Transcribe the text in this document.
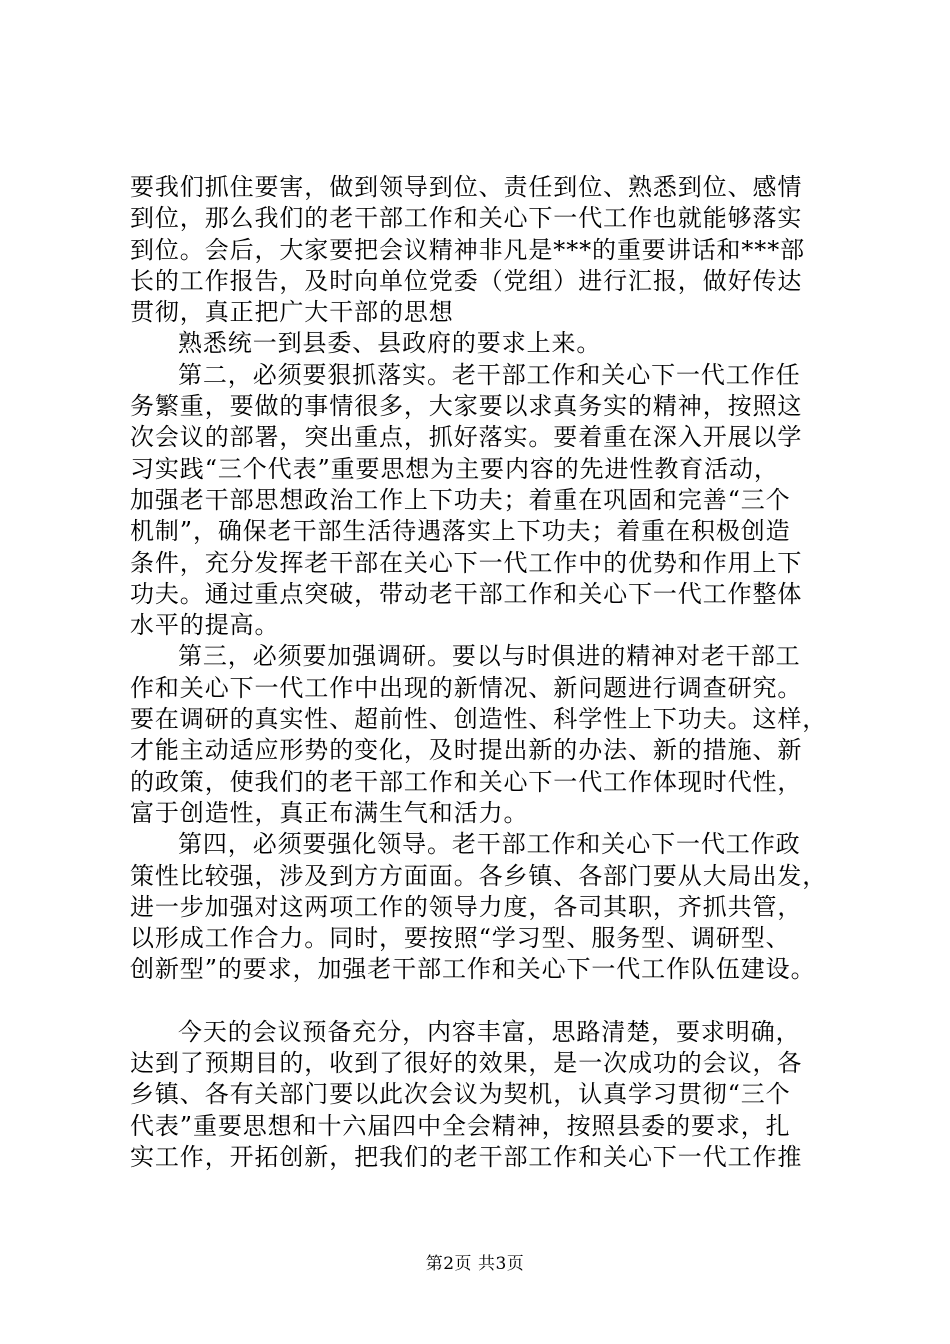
要我们抓住要害，做到领导到位、责任到位、熟悉到位、感情
到位，那么我们的老干部工作和关心下一代工作也就能够落实
到位。会后，大家要把会议精神非凡是***的重要讲话和***部
长的工作报告，及时向单位党委（党组）进行汇报，做好传达
贯彻，真正把广大干部的思想
熟悉统一到县委、县政府的要求上来。
第二，必须要狠抓落实。老干部工作和关心下一代工作任
务繁重，要做的事情很多，大家要以求真务实的精神，按照这
次会议的部署，突出重点，抓好落实。要着重在深入开展以学
习实践“三个代表”重要思想为主要内容的先进性教育活动，
加强老干部思想政治工作上下功夫；着重在巩固和完善“三个
机制”，确保老干部生活待遇落实上下功夫；着重在积极创造
条件，充分发挥老干部在关心下一代工作中的优势和作用上下
功夫。通过重点突破，带动老干部工作和关心下一代工作整体
水平的提高。
第三，必须要加强调研。要以与时俱进的精神对老干部工
作和关心下一代工作中出现的新情况、新问题进行调查研究。
要在调研的真实性、超前性、创造性、科学性上下功夫。这样，
才能主动适应形势的变化，及时提出新的办法、新的措施、新
的政策，使我们的老干部工作和关心下一代工作体现时代性，
富于创造性，真正布满生气和活力。
第四，必须要强化领导。老干部工作和关心下一代工作政
策性比较强，涉及到方方面面。各乡镇、各部门要从大局出发，
进一步加强对这两项工作的领导力度，各司其职，齐抓共管，
以形成工作合力。同时，要按照“学习型、服务型、调研型、
创新型”的要求，加强老干部工作和关心下一代工作队伍建设。
今天的会议预备充分，内容丰富，思路清楚，要求明确，
达到了预期目的，收到了很好的效果，是一次成功的会议，各
乡镇、各有关部门要以此次会议为契机，认真学习贯彻“三个
代表”重要思想和十六届四中全会精神，按照县委的要求，扎
实工作，开拓创新，把我们的老干部工作和关心下一代工作推
第2页 共3页
